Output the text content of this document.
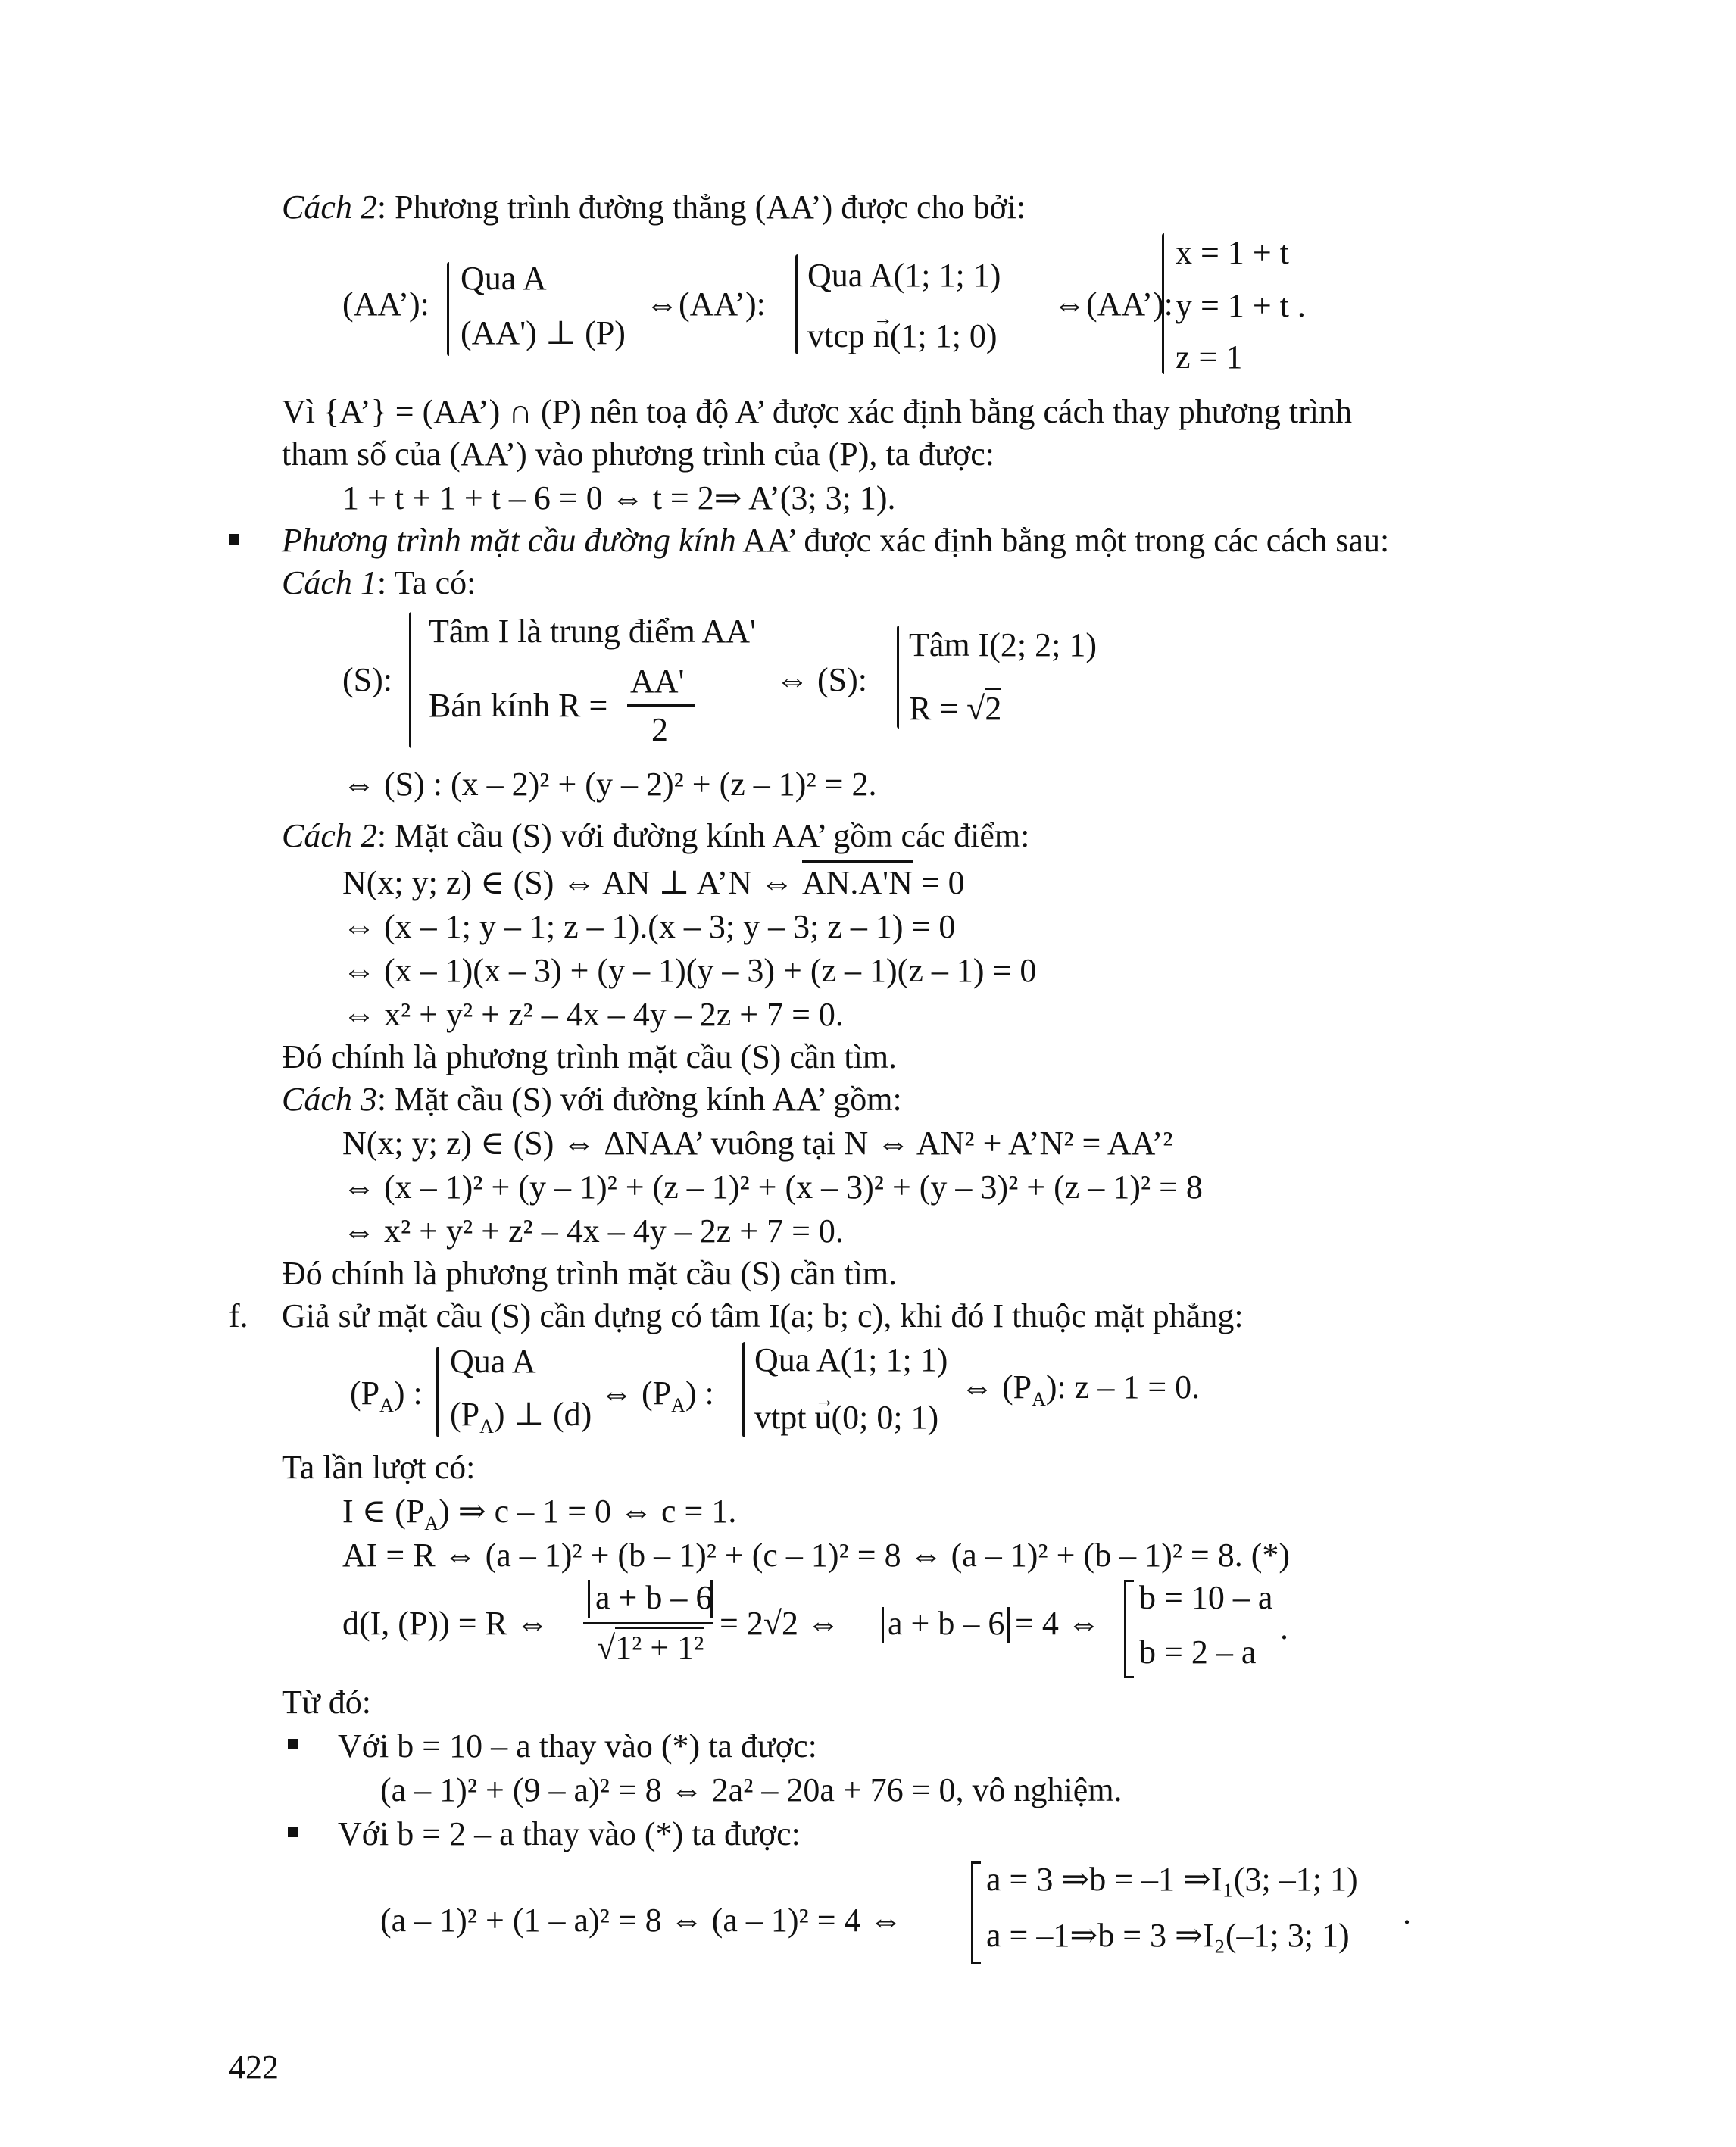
Cách 2: Phương trình đường thẳng (AA’) được cho bởi:
(AA’):
Qua A
(AA') ⊥ (P)
⇔(AA’):
Qua A(1; 1; 1)
vtcp → n(1; 1; 0)
⇔(AA’):
x = 1 + t
y = 1 + t .
z = 1
Vì {A’} = (AA’) ∩ (P) nên toạ độ A’ được xác định bằng cách thay phương trình
tham số của (AA’) vào phương trình của (P), ta được:
1 + t + 1 + t – 6 = 0 ⇔ t = 2⇒ A’(3; 3; 1).
Phương trình mặt cầu đường kính AA’ được xác định bằng một trong các cách sau:
Cách 1: Ta có:
(S):
Tâm I là trung điểm AA'
Bán kính R =
AA'
2
⇔ (S):
Tâm I(2; 2; 1)
R = √2
⇔ (S) : (x – 2)² + (y – 2)² + (z – 1)² = 2.
Cách 2: Mặt cầu (S) với đường kính AA’ gồm các điểm:
N(x; y; z) ∈ (S) ⇔ AN ⊥ A’N ⇔ AN.A'N
= 0
⇔ (x – 1; y – 1; z – 1).(x – 3; y – 3; z – 1) = 0
⇔ (x – 1)(x – 3) + (y – 1)(y – 3) + (z – 1)(z – 1) = 0
⇔ x² + y² + z² – 4x – 4y – 2z + 7 = 0.
Đó chính là phương trình mặt cầu (S) cần tìm.
Cách 3: Mặt cầu (S) với đường kính AA’ gồm:
N(x; y; z) ∈ (S) ⇔ ΔNAA’ vuông tại N ⇔ AN² + A’N² = AA’²
⇔ (x – 1)² + (y – 1)² + (z – 1)² + (x – 3)² + (y – 3)² + (z – 1)² = 8
⇔ x² + y² + z² – 4x – 4y – 2z + 7 = 0.
Đó chính là phương trình mặt cầu (S) cần tìm.
f. Giả sử mặt cầu (S) cần dựng có tâm I(a; b; c), khi đó I thuộc mặt phẳng:
$(P_A)$ :
Qua A
$(P_A)$ ⊥ (d)
⇔ $(P_A)$ :
Qua A(1; 1; 1)
vtpt → u(0; 0; 1)
⇔ $(P_A)$: z – 1 = 0.
Ta lần lượt có:
I ∈ $(P_A)$ ⇒ c – 1 = 0 ⇔ c = 1.
AI = R ⇔ (a – 1)² + (b – 1)² + (c – 1)² = 8 ⇔ (a – 1)² + (b – 1)² = 8. (*)
d(I, (P)) = R ⇔
a + b – 6
√1² + 1²
= 2√2 ⇔ a + b – 6 = 4 ⇔
b = 10 – a
b = 2 – a
.
Từ đó:
Với b = 10 – a thay vào (*) ta được:
(a – 1)² + (9 – a)² = 8 ⇔ 2a² – 20a + 76 = 0, vô nghiệm.
Với b = 2 – a thay vào (*) ta được:
(a – 1)² + (1 – a)² = 8 ⇔ (a – 1)² = 4 ⇔
a = 3 ⇒b = –1 ⇒I₁(3; –1; 1)
a = –1⇒b = 3 ⇒I₂(–1; 3; 1)
.
422
